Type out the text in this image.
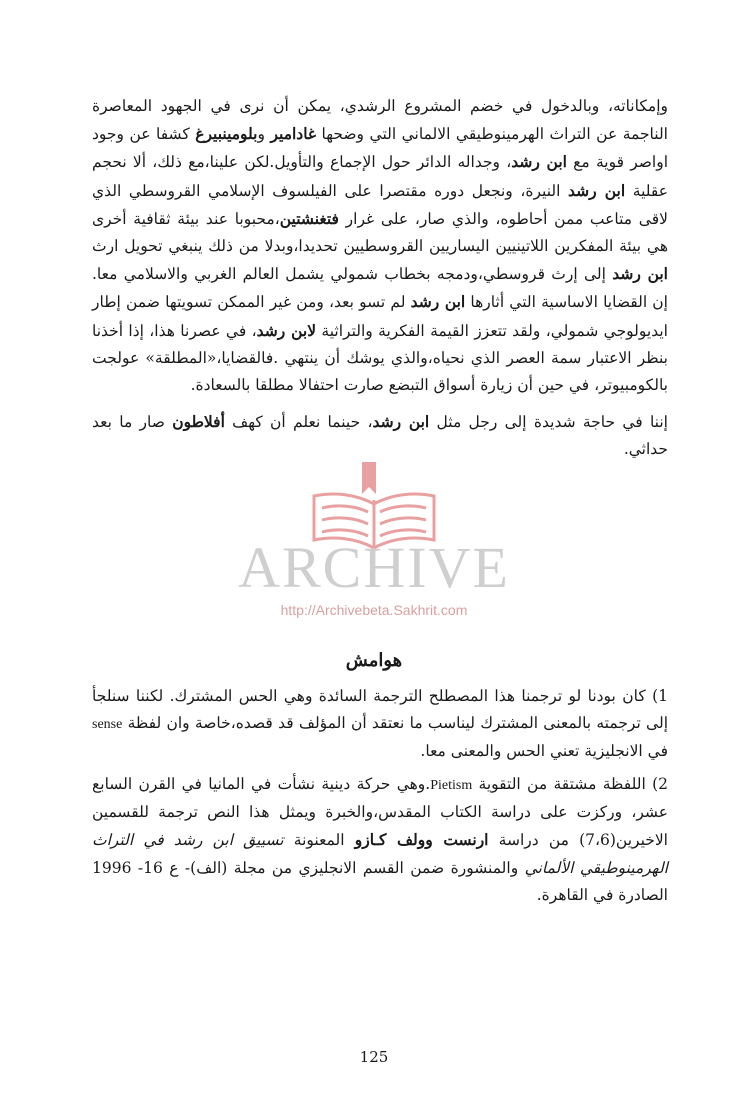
ARCHIVE
http://Archivebeta.Sakhrit.com

وإمكاناته، وبالدخول في خضم المشروع الرشدي، يمكن أن نرى في الجهود المعاصرة الناجمة عن التراث الهرمينوطيقي الالماني التي وضحها غادامير وبلومينبيرغ كشفا عن وجود اواصر قوية مع ابن رشد، وجداله الدائر حول الإجماع والتأويل.لكن علينا،مع ذلك، ألا نحجم عقلية ابن رشد النيرة، ونجعل دوره مقتصرا على الفيلسوف الإسلامي القروسطي الذي لاقى متاعب ممن أحاطوه، والذي صار، على غرار فتغنشتين،محبوبا عند بيئة ثقافية أخرى هي بيئة المفكرين اللاتينيين اليساريين القروسطيين تحديدا،وبدلا من ذلك ينبغي تحويل ارث ابن رشد إلى إرث قروسطي،ودمجه بخطاب شمولي يشمل العالم الغربي والاسلامي معا. إن القضايا الاساسية التي أثارها ابن رشد لم تسو بعد، ومن غير الممكن تسويتها ضمن إطار ايديولوجي شمولي، ولقد تتعزز القيمة الفكرية والتراثية لابن رشد، في عصرنا هذا، إذا أخذنا بنظر الاعتبار سمة العصر الذي نحياه،والذي يوشك أن ينتهي .فالقضايا،«المطلقة» عولجت بالكومبيوتر، في حين أن زيارة أسواق التبضع صارت احتفالا مطلقا بالسعادة.

إننا في حاجة شديدة إلى رجل مثل ابن رشد، حينما نعلم أن كهف أفلاطون صار ما بعد حداثي.

هوامش

1) كان بودنا لو ترجمنا هذا المصطلح الترجمة السائدة وهي الحس المشترك. لكننا سنلجأ إلى ترجمته بالمعنى المشترك ليناسب ما نعتقد أن المؤلف قد قصده،خاصة وان لفظة sense في الانجليزية تعني الحس والمعنى معا.

2) اللفظة مشتقة من التقوية Pietism.وهي حركة دينية نشأت في المانيا في القرن السابع عشر، وركزت على دراسة الكتاب المقدس،والخبرة ويمثل هذا النص ترجمة للقسمين الاخيرين(7،6) من دراسة ارنست وولف كـازو المعنونة تسييق ابن رشد في التراث الهرمينوطيقي الألماني والمنشورة ضمن القسم الانجليزي من مجلة (الف)- ع 16- 1996 الصادرة في القاهرة.

125
